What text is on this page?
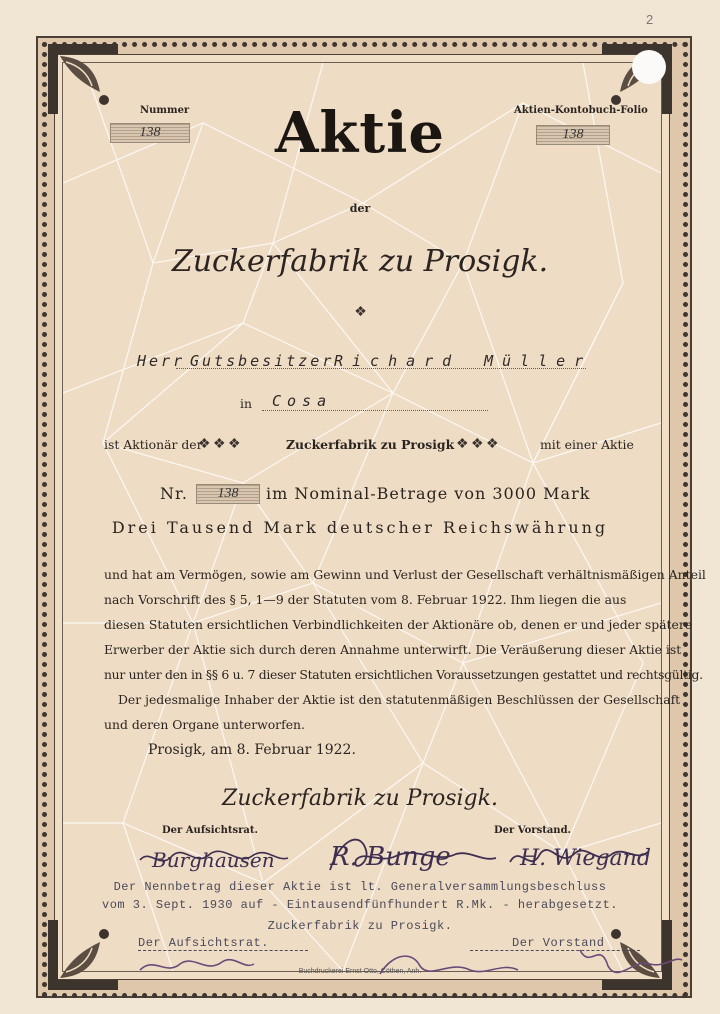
2
Nummer
138
Aktien-Kontobuch-Folio
138
Aktie
der
Zuckerfabrik zu Prosigk.
❖
Herr Gutsbesitzer Richard Müller
in Cosa
ist Aktionär der
❖ ❖ ❖	Zuckerfabrik zu Prosigk ❖ ❖ ❖	mit einer Aktie
Nr.	138	im Nominal-Betrage von 3000 Mark
Drei Tausend Mark deutscher Reichswährung
und hat am Vermögen, sowie am Gewinn und Verlust der Gesellschaft verhältnismäßigen Anteil
nach Vorschrift des § 5, 1—9 der Statuten vom 8. Februar 1922. Ihm liegen die aus
diesen Statuten ersichtlichen Verbindlichkeiten der Aktionäre ob, denen er und jeder spätere
Erwerber der Aktie sich durch deren Annahme unterwirft. Die Veräußerung dieser Aktie ist
nur unter den in §§ 6 u. 7 dieser Statuten ersichtlichen Voraussetzungen gestattet und rechtsgültig.
Der jedesmalige Inhaber der Aktie ist den statutenmäßigen Beschlüssen der Gesellschaft
und deren Organe unterworfen.
Prosigk, am 8. Februar 1922.
Zuckerfabrik zu Prosigk.
Der Aufsichtsrat.	Der Vorstand.
Burghausen R. Bunge	H. Wiegand
Der Nennbetrag dieser Aktie ist lt. Generalversammlungsbeschluss
vom 3. Sept. 1930 auf - Eintausendfünfhundert R.Mk. - herabgesetzt.
Zuckerfabrik zu Prosigk.
Der Aufsichtsrat.	Der Vorstand
Buchdruckerei Ernst Otto, Cöthen, Anh.
